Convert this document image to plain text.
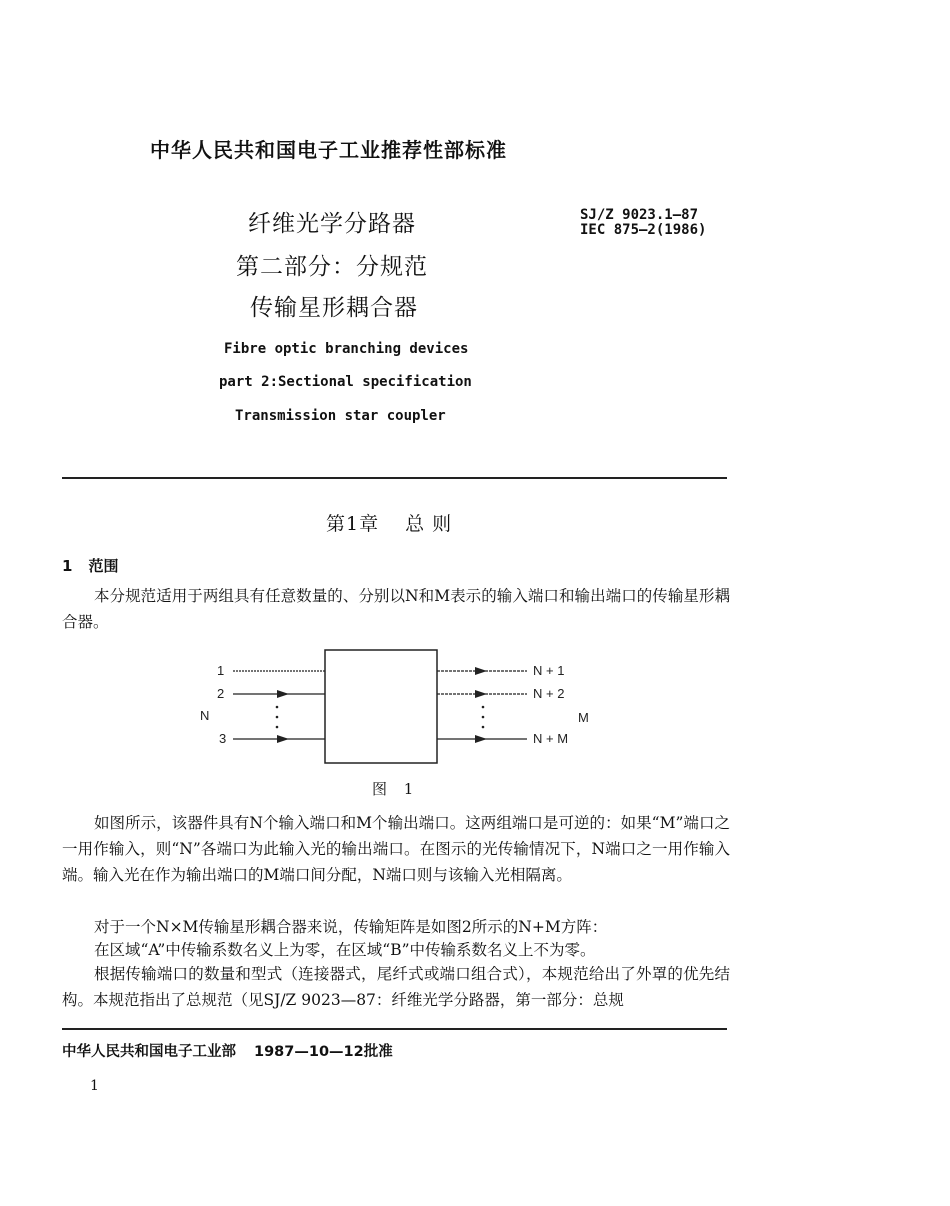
中华人民共和国电子工业推荐性部标准
纤维光学分路器
第二部分：分规范
传输星形耦合器
SJ/Z 9023.1—87
IEC 875—2(1986)
Fibre optic branching devices
part 2:Sectional specification
Transmission star coupler
第1章 总 则
1 范围
本分规范适用于两组具有任意数量的、分别以N和M表示的输入端口和输出端口的传输星形耦合器。
1
2
3
N
N + 1
N + 2
N + M
M
图 1
如图所示，该器件具有N个输入端口和M个输出端口。这两组端口是可逆的：如果“M”端口之一用作输入，则“N”各端口为此输入光的输出端口。在图示的光传输情况下，N端口之一用作输入端。输入光在作为输出端口的M端口间分配，N端口则与该输入光相隔离。
对于一个N×M传输星形耦合器来说，传输矩阵是如图2所示的N+M方阵：
在区域“A”中传输系数名义上为零，在区域“B”中传输系数名义上不为零。
根据传输端口的数量和型式（连接器式，尾纤式或端口组合式），本规范给出了外罩的优先结构。本规范指出了总规范（见SJ/Z 9023—87：纤维光学分路器，第一部分：总规
中华人民共和国电子工业部 1987—10—12批准
1
